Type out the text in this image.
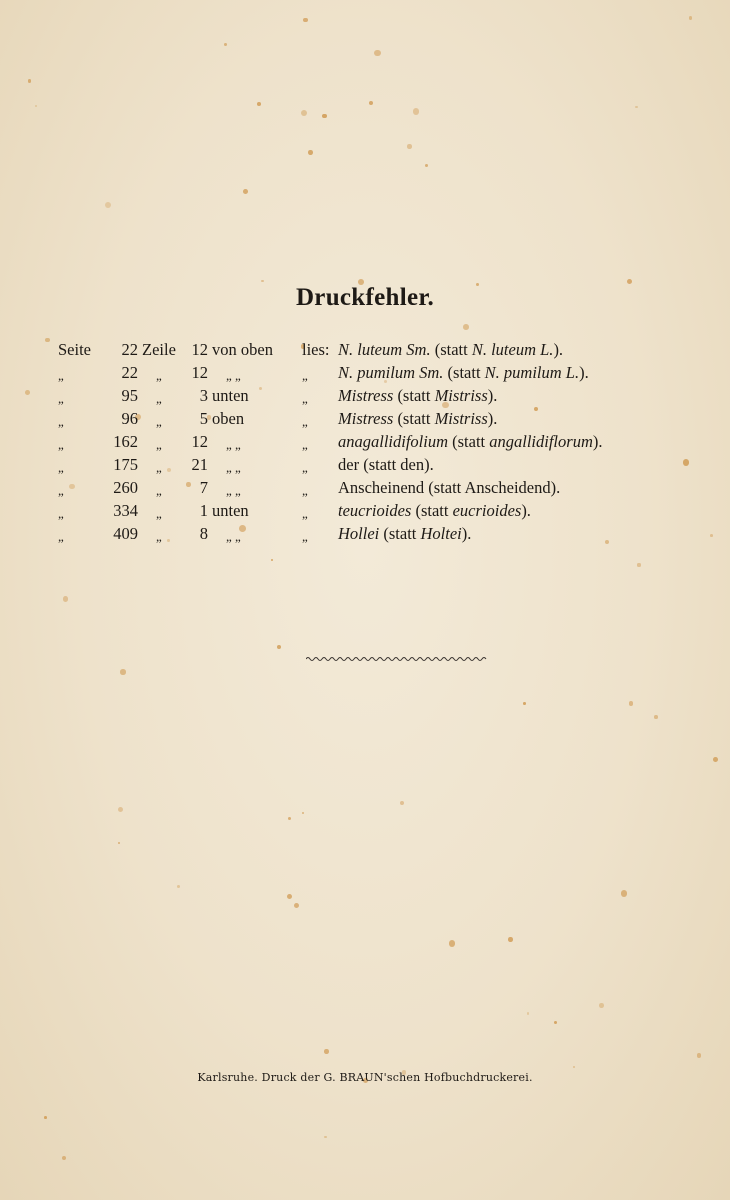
Druckfehler.
Seite	22 Zeile 12 von oben lies: N. luteum Sm. (statt N. luteum L.).
„	22 „	12 „ „	„ N. pumilum Sm. (statt N. pumilum L.).
„	95 „	3 unten	„ Mistress (statt Mistriss).
„	96 „	5 oben	„ Mistress (statt Mistriss).
„	162 „	12 „ „	„ anagallidifolium (statt angallidiflorum).
„	175 „	21 „ „	„ der (statt den).
„	260 „	7 „ „	„ Anscheinend (statt Anscheidend).
„	334 „	1 unten	„ teucrioides (statt eucrioides).
„	409 „	8 „ „	„ Hollei (statt Holtei).
Karlsruhe. Druck der G. BRAUN'schen Hofbuchdruckerei.
